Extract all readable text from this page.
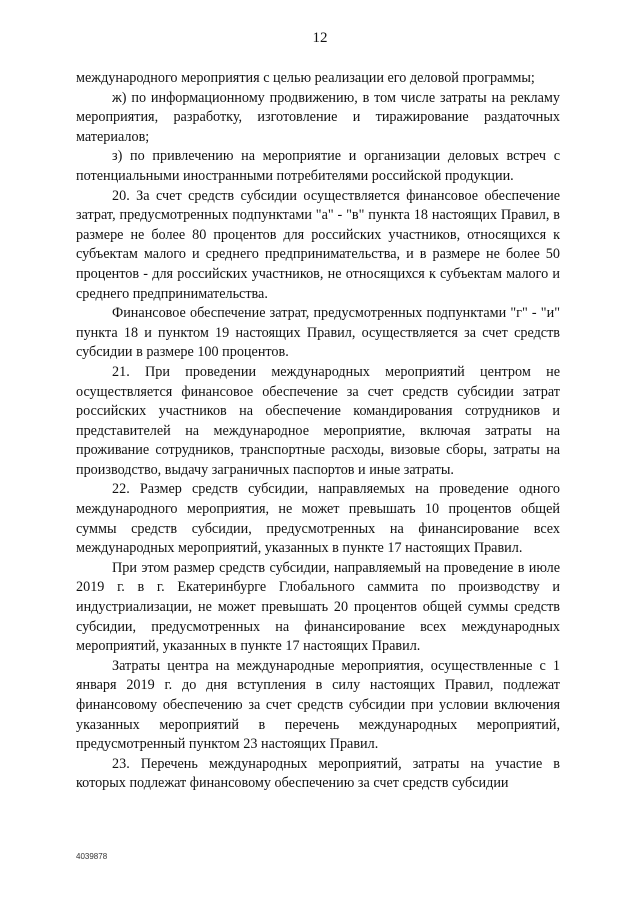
12

международного мероприятия с целью реализации его деловой программы;

ж) по информационному продвижению, в том числе затраты на рекламу мероприятия, разработку, изготовление и тиражирование раздаточных материалов;

з) по привлечению на мероприятие и организации деловых встреч с потенциальными иностранными потребителями российской продукции.

20. За счет средств субсидии осуществляется финансовое обеспечение затрат, предусмотренных подпунктами "а" - "в" пункта 18 настоящих Правил, в размере не более 80 процентов для российских участников, относящихся к субъектам малого и среднего предпринимательства, и в размере не более 50 процентов - для российских участников, не относящихся к субъектам малого и среднего предпринимательства.

Финансовое обеспечение затрат, предусмотренных подпунктами "г" - "и" пункта 18 и пунктом 19 настоящих Правил, осуществляется за счет средств субсидии в размере 100 процентов.

21. При проведении международных мероприятий центром не осуществляется финансовое обеспечение за счет средств субсидии затрат российских участников на обеспечение командирования сотрудников и представителей на международное мероприятие, включая затраты на проживание сотрудников, транспортные расходы, визовые сборы, затраты на производство, выдачу заграничных паспортов и иные затраты.

22. Размер средств субсидии, направляемых на проведение одного международного мероприятия, не может превышать 10 процентов общей суммы средств субсидии, предусмотренных на финансирование всех международных мероприятий, указанных в пункте 17 настоящих Правил.

При этом размер средств субсидии, направляемый на проведение в июле 2019 г. в г. Екатеринбурге Глобального саммита по производству и индустриализации, не может превышать 20 процентов общей суммы средств субсидии, предусмотренных на финансирование всех международных мероприятий, указанных в пункте 17 настоящих Правил.

Затраты центра на международные мероприятия, осуществленные с 1 января 2019 г. до дня вступления в силу настоящих Правил, подлежат финансовому обеспечению за счет средств субсидии при условии включения указанных мероприятий в перечень международных мероприятий, предусмотренный пунктом 23 настоящих Правил.

23. Перечень международных мероприятий, затраты на участие в которых подлежат финансовому обеспечению за счет средств субсидии

4039878
